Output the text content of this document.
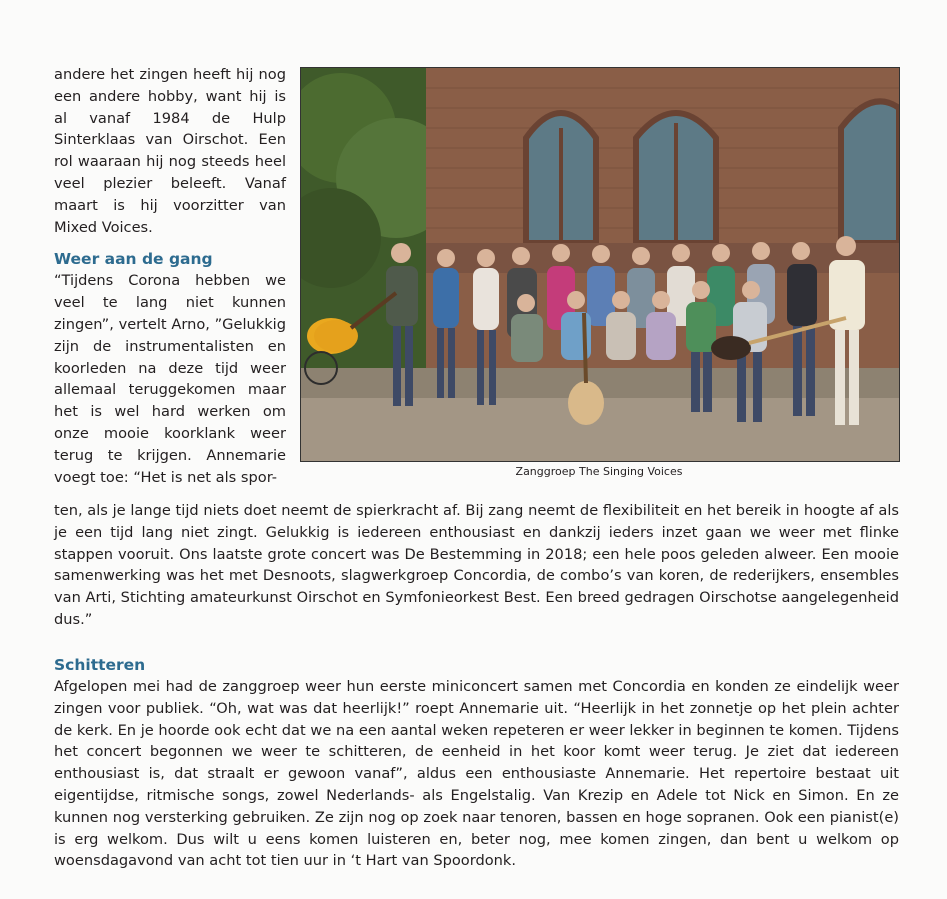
andere het zingen heeft hij nog een andere hobby, want hij is al vanaf 1984 de Hulp Sinterklaas van Oirschot. Een rol waaraan hij nog steeds heel veel plezier beleeft. Vanaf maart is hij voorzitter van Mixed Voices.

Weer aan de gang

“Tijdens Corona hebben we veel te lang niet kunnen zingen”, vertelt Arno, ”Gelukkig zijn de instrumentalisten en koorleden na deze tijd weer allemaal teruggekomen maar het is wel hard werken om onze mooie koorklank weer terug te krijgen. Annemarie voegt toe: “Het is net als spor-	Zanggroep The Singing Voices

ten, als je lange tijd niets doet neemt de spierkracht af. Bij zang neemt de flexibiliteit en het bereik in hoogte af als je een tijd lang niet zingt. Gelukkig is iedereen enthousiast en dankzij ieders inzet gaan we weer met flinke stappen vooruit. Ons laatste grote concert was De Bestemming in 2018; een hele poos geleden alweer. Een mooie samenwerking was het met Desnoots, slagwerkgroep Concordia, de combo’s van koren, de rederijkers, ensembles van Arti, Stichting amateurkunst Oirschot en Symfonieorkest Best. Een breed gedragen Oirschotse aangelegenheid dus.”

Schitteren

Afgelopen mei had de zanggroep weer hun eerste miniconcert samen met Concordia en konden ze eindelijk weer zingen voor publiek. “Oh, wat was dat heerlijk!” roept Annemarie uit. “Heerlijk in het zonnetje op het plein achter de kerk. En je hoorde ook echt dat we na een aantal weken repeteren er weer lekker in beginnen te komen. Tijdens het concert begonnen we weer te schitteren, de eenheid in het koor komt weer terug. Je ziet dat iedereen enthousiast is, dat straalt er gewoon vanaf”, aldus een enthousiaste Annemarie. Het repertoire bestaat uit eigentijdse, ritmische songs, zowel Nederlands- als Engelstalig. Van Krezip en Adele tot Nick en Simon. En ze kunnen nog versterking gebruiken. Ze zijn nog op zoek naar tenoren, bassen en hoge sopranen. Ook een pianist(e) is erg welkom. Dus wilt u eens komen luisteren en, beter nog, mee komen zingen, dan bent u welkom op woensdagavond van acht tot tien uur in ‘t Hart van Spoordonk.
